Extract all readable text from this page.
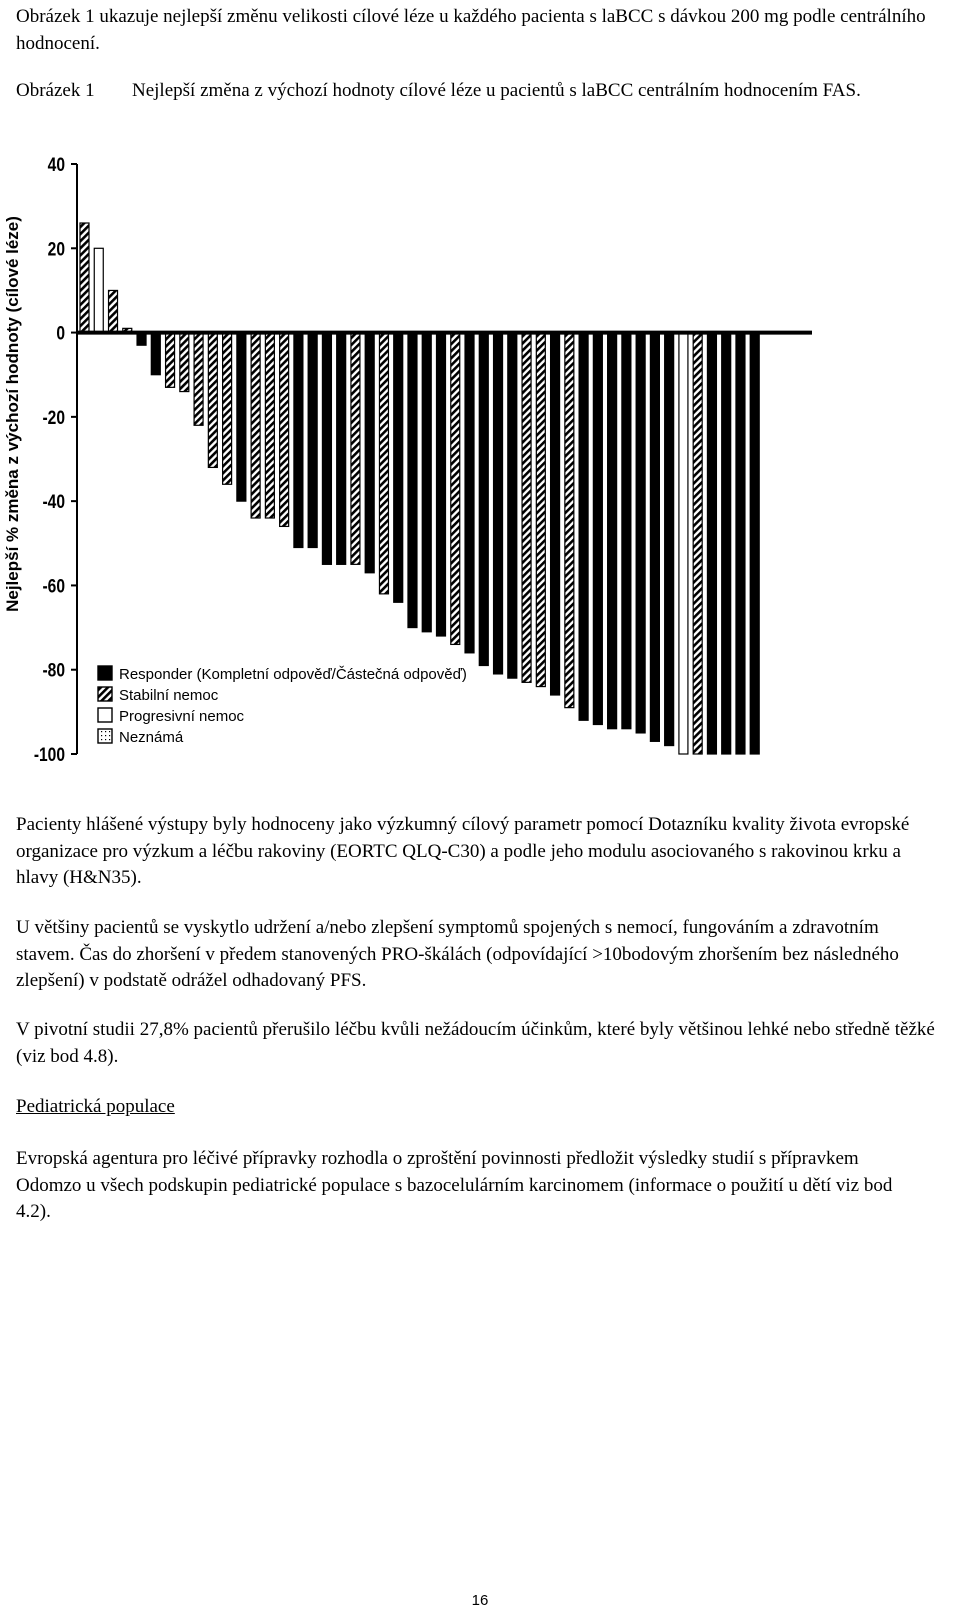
Obrázek 1 ukazuje nejlepší změnu velikosti cílové léze u každého pacienta s laBCC s dávkou 200 mg podle centrálního hodnocení.

Obrázek 1 Nejlepší změna z výchozí hodnoty cílové léze u pacientů s laBCC centrálním hodnocením FAS.
40
20
0
-20
-40
-60
-80
-100
Responder (Kompletní odpověď/Částečná odpověď)
Stabilní nemoc
Progresivní nemoc
Neznámá
Nejlepší % změna z výchozí hodnoty (cílové léze)

Pacienty hlášené výstupy byly hodnoceny jako výzkumný cílový parametr pomocí Dotazníku kvality života evropské organizace pro výzkum a léčbu rakoviny (EORTC QLQ-C30) a podle jeho modulu asociovaného s rakovinou krku a hlavy (H&N35).

U většiny pacientů se vyskytlo udržení a/nebo zlepšení symptomů spojených s nemocí, fungováním a zdravotním stavem. Čas do zhoršení v předem stanovených PRO-škálách (odpovídající >10bodovým zhoršením bez následného zlepšení) v podstatě odrážel odhadovaný PFS.

V pivotní studii 27,8% pacientů přerušilo léčbu kvůli nežádoucím účinkům, které byly většinou lehké nebo středně těžké (viz bod 4.8).

Pediatrická populace

Evropská agentura pro léčivé přípravky rozhodla o zproštění povinnosti předložit výsledky studií s přípravkem Odomzo u všech podskupin pediatrické populace s bazocelulárním karcinomem (informace o použití u dětí viz bod 4.2).

16
